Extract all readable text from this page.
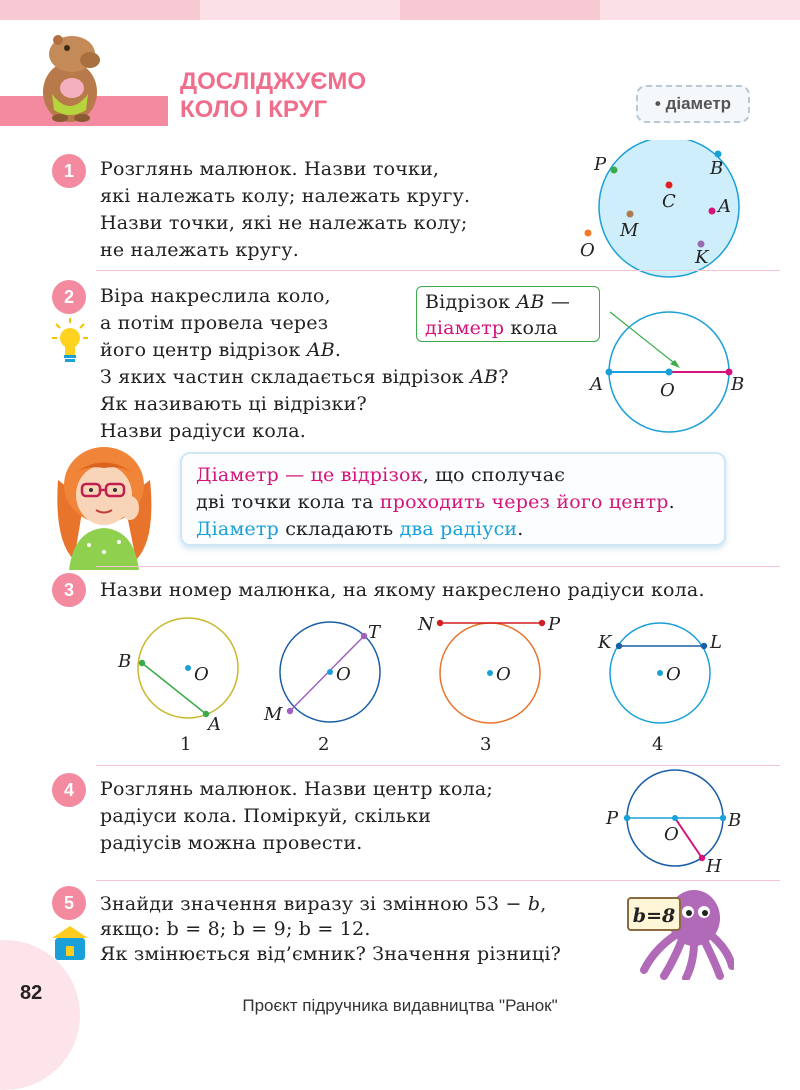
ДОСЛІДЖУЄМО
КОЛО І КРУГ	• діаметр
1	Розглянь малюнок. Назви точки,
які належать колу; належать кругу.
Назви точки, які не належать колу;
не належать кругу.
P	B
C A
M
O	K
2	Віра накреслила коло,
а потім провела через
його центр відрізок AB.
З яких частин складається відрізок AB?
Як називають ці відрізки?
Назви радіуси кола.
Відрізок AB —
діаметр кола
A	O	B
Діаметр — це відрізок, що сполучає
дві точки кола та проходить через його центр.
Діаметр складають два радіуси.
3	Назви номер малюнка, на якому накреслено радіуси кола.
B
A
O
1
M
T
O
2
N	P
O
3
K	L
O
4
4	Розглянь малюнок. Назви центр кола;
радіуси кола. Поміркуй, скільки
радіусів можна провести.
P	B
O
H
5	Знайди значення виразу зі змінною 53 − b,
якщо: b = 8; b = 9; b = 12.
Як змінюється від’ємник? Значення різниці?
b=8
82
Проєкт підручника видавництва "Ранок"
